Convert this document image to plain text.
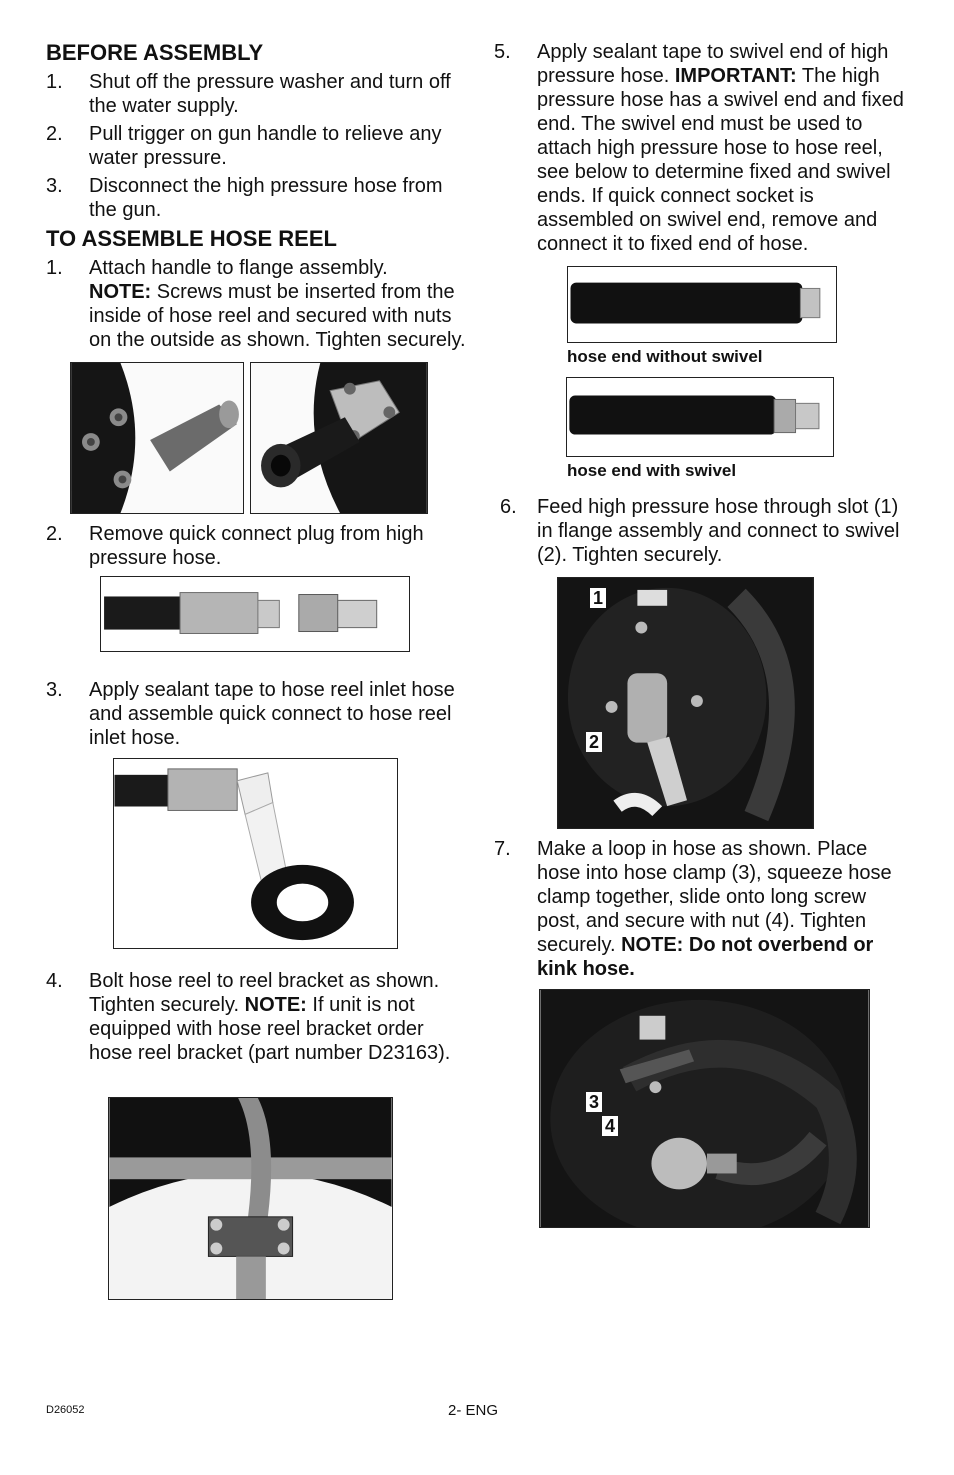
BEFORE ASSEMBLY
1. Shut off the pressure washer and turn off the water supply.
2. Pull trigger on gun handle to relieve any water pressure.
3. Disconnect the high pressure hose from the gun.
TO ASSEMBLE HOSE REEL
1. Attach handle to flange assembly.
NOTE: Screws must be inserted from the inside of hose reel and secured with nuts on the outside as shown. Tighten securely.
2. Remove quick connect plug from high pressure hose.
3. Apply sealant tape to hose reel inlet hose and assemble quick connect to hose reel inlet hose.
4. Bolt hose reel to reel bracket as shown. Tighten securely. NOTE: If unit is not equipped with hose reel bracket order hose reel bracket (part number D23163).
5. Apply sealant tape to swivel end of high pressure hose. IMPORTANT: The high pressure hose has a swivel end and fixed end. The swivel end must be used to attach high pressure hose to hose reel, see below to determine fixed and swivel ends. If quick connect socket is assembled on swivel end, remove and connect it to fixed end of hose.
hose end without swivel
hose end with swivel
6. Feed high pressure hose through slot (1) in flange assembly and connect to swivel (2). Tighten securely.
1
2
7. Make a loop in hose as shown. Place hose into hose clamp (3), squeeze hose clamp together, slide onto long screw post, and secure with nut (4). Tighten securely. NOTE: Do not overbend or kink hose.
3
4
D26052	2- ENG
